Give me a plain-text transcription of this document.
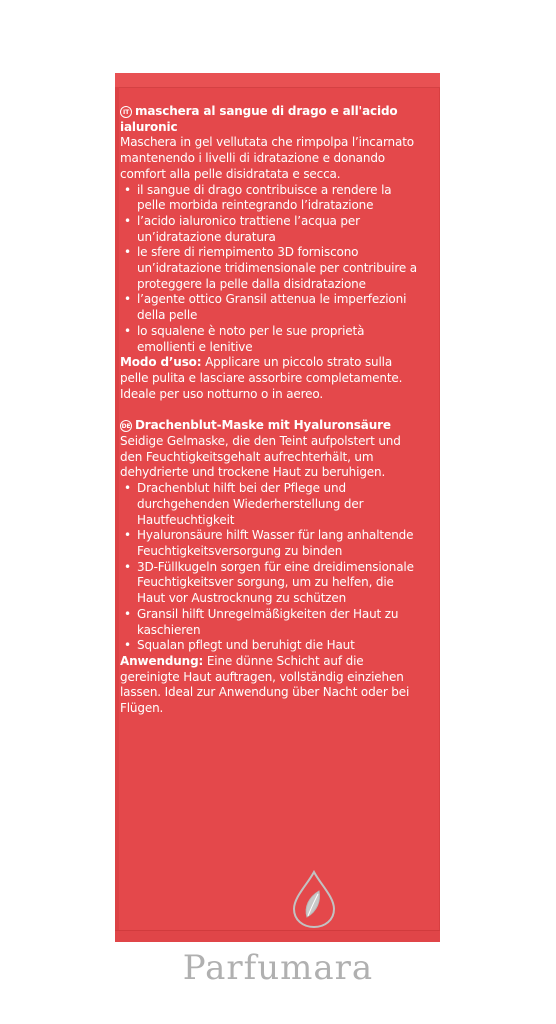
IT maschera al sangue di drago e all'acido ialuronic
Maschera in gel vellutata che rimpolpa l’incarnato mantenendo i livelli di idratazione e donando comfort alla pelle disidratata e secca.
• il sangue di drago contribuisce a rendere la pelle morbida reintegrando l’idratazione
• l’acido ialuronico trattiene l’acqua per un’idratazione duratura
• le sfere di riempimento 3D forniscono un’idratazione tridimensionale per contribuire a proteggere la pelle dalla disidratazione
• l’agente ottico Gransil attenua le imperfezioni della pelle
• lo squalene è noto per le sue proprietà emollienti e lenitive
Modo d’uso: Applicare un piccolo strato sulla pelle pulita e lasciare assorbire completamente. Ideale per uso notturno o in aereo.
DE Drachenblut-Maske mit Hyaluronsäure
Seidige Gelmaske, die den Teint aufpolstert und den Feuchtigkeitsgehalt aufrechterhält, um dehydrierte und trockene Haut zu beruhigen.
• Drachenblut hilft bei der Pflege und durchgehenden Wiederherstellung der Hautfeuchtigkeit
• Hyaluronsäure hilft Wasser für lang anhaltende Feuchtigkeitsversorgung zu binden
• 3D-Füllkugeln sorgen für eine dreidimensionale Feuchtigkeitsver sorgung, um zu helfen, die Haut vor Austrocknung zu schützen
• Gransil hilft Unregelmäßigkeiten der Haut zu kaschieren
• Squalan pflegt und beruhigt die Haut
Anwendung: Eine dünne Schicht auf die gereinigte Haut auftragen, vollständig einziehen lassen. Ideal zur Anwendung über Nacht oder bei Flügen.
Parfumara
